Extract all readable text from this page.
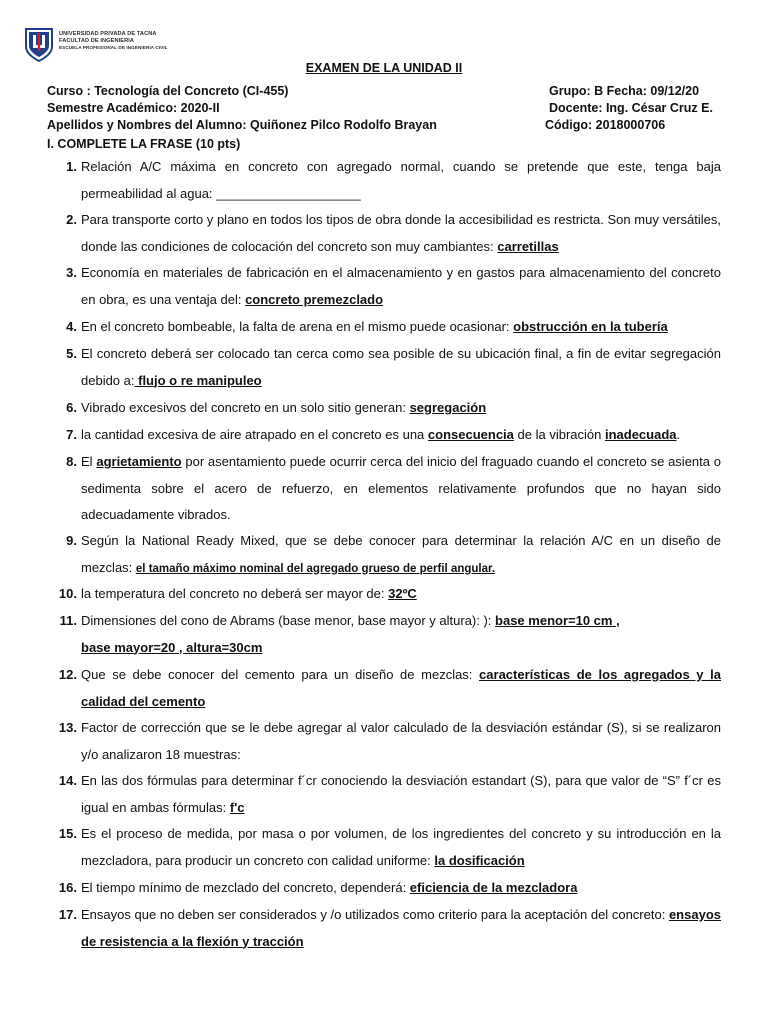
UNIVERSIDAD PRIVADA DE TACNA
FACULTAD DE INGENIERIA
ESCUELA PROFESIONAL DE INGENIERIA CIVIL
EXAMEN DE LA UNIDAD II
Curso : Tecnología del Concreto (CI-455)	Grupo: B Fecha: 09/12/20
Semestre Académico: 2020-II	Docente: Ing. César Cruz E.
Apellidos y Nombres del Alumno: Quiñonez Pilco Rodolfo Brayan	Código: 2018000706
I. COMPLETE LA FRASE (10 pts)
1. Relación A/C máxima en concreto con agregado normal, cuando se pretende que este, tenga baja permeabilidad al agua: ____________________
2. Para transporte corto y plano en todos los tipos de obra donde la accesibilidad es restricta. Son muy versátiles, donde las condiciones de colocación del concreto son muy cambiantes: carretillas
3. Economía en materiales de fabricación en el almacenamiento y en gastos para almacenamiento del concreto en obra, es una ventaja del: concreto premezclado
4. En el concreto bombeable, la falta de arena en el mismo puede ocasionar: obstrucción en la tubería
5. El concreto deberá ser colocado tan cerca como sea posible de su ubicación final, a fin de evitar segregación debido a: flujo o re manipuleo
6. Vibrado excesivos del concreto en un solo sitio generan: segregación
7. la cantidad excesiva de aire atrapado en el concreto es una consecuencia de la vibración inadecuada.
8. El agrietamiento por asentamiento puede ocurrir cerca del inicio del fraguado cuando el concreto se asienta o sedimenta sobre el acero de refuerzo, en elementos relativamente profundos que no hayan sido adecuadamente vibrados.
9. Según la National Ready Mixed, que se debe conocer para determinar la relación A/C en un diseño de mezclas: el tamaño máximo nominal del agregado grueso de perfil angular.
10. la temperatura del concreto no deberá ser mayor de: 32ºC
11. Dimensiones del cono de Abrams (base menor, base mayor y altura): ): base menor=10 cm ,
base mayor=20 , altura=30cm
12. Que se debe conocer del cemento para un diseño de mezclas: características de los agregados y la calidad del cemento
13. Factor de corrección que se le debe agregar al valor calculado de la desviación estándar (S), si se realizaron y/o analizaron 18 muestras:
14. En las dos fórmulas para determinar f´cr conociendo la desviación estandart (S), para que valor de “S” f´cr es igual en ambas fórmulas: f'c
15. Es el proceso de medida, por masa o por volumen, de los ingredientes del concreto y su introducción en la mezcladora, para producir un concreto con calidad uniforme: la dosificación
16. El tiempo mínimo de mezclado del concreto, dependerá: eficiencia de la mezcladora
17. Ensayos que no deben ser considerados y /o utilizados como criterio para la aceptación del concreto: ensayos de resistencia a la flexión y tracción
